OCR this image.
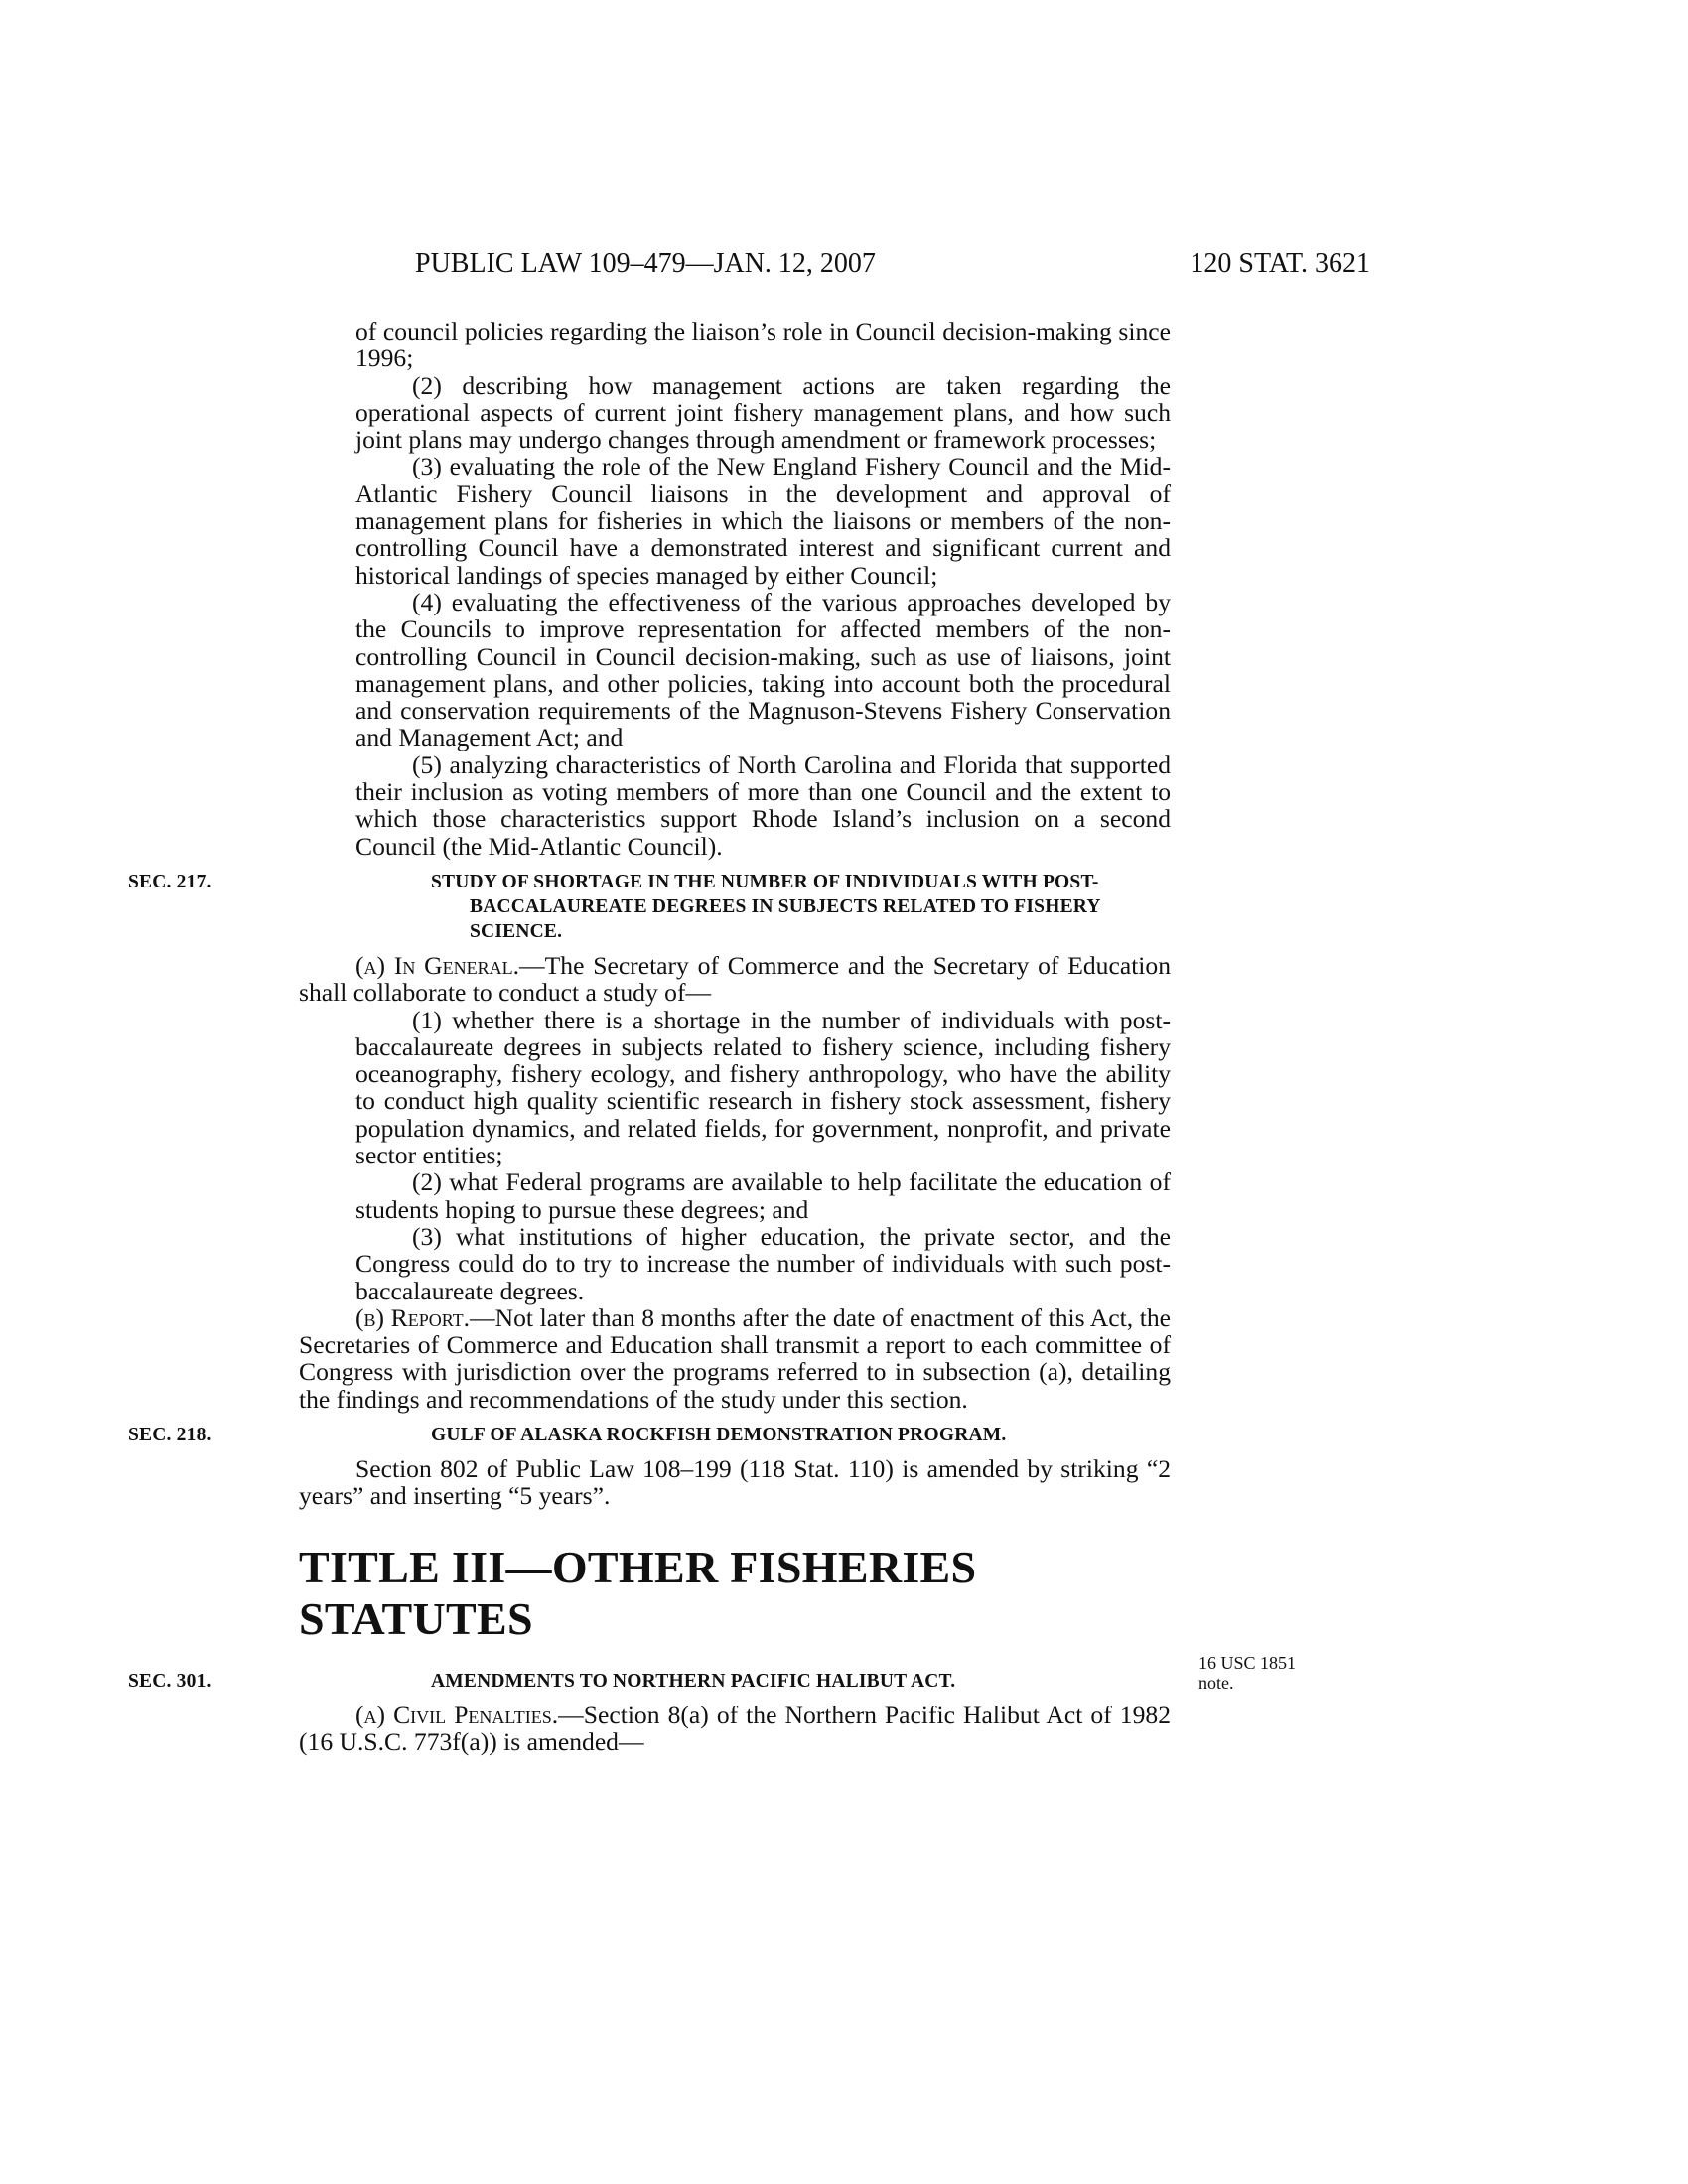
PUBLIC LAW 109–479—JAN. 12, 2007	120 STAT. 3621

of council policies regarding the liaison’s role in Council decision-making since 1996;

(2) describing how management actions are taken regarding the operational aspects of current joint fishery management plans, and how such joint plans may undergo changes through amendment or framework processes;

(3) evaluating the role of the New England Fishery Council and the Mid-Atlantic Fishery Council liaisons in the development and approval of management plans for fisheries in which the liaisons or members of the non-controlling Council have a demonstrated interest and significant current and historical landings of species managed by either Council;

(4) evaluating the effectiveness of the various approaches developed by the Councils to improve representation for affected members of the non-controlling Council in Council decision-making, such as use of liaisons, joint management plans, and other policies, taking into account both the procedural and conservation requirements of the Magnuson-Stevens Fishery Conservation and Management Act; and

(5) analyzing characteristics of North Carolina and Florida that supported their inclusion as voting members of more than one Council and the extent to which those characteristics support Rhode Island’s inclusion on a second Council (the Mid-Atlantic Council).

SEC. 217.	STUDY OF SHORTAGE IN THE NUMBER OF INDIVIDUALS WITH POST- BACCALAUREATE DEGREES IN SUBJECTS RELATED TO FISHERY SCIENCE.

(a) In General.—The Secretary of Commerce and the Secretary of Education shall collaborate to conduct a study of—

(1) whether there is a shortage in the number of individuals with post-baccalaureate degrees in subjects related to fishery science, including fishery oceanography, fishery ecology, and fishery anthropology, who have the ability to conduct high quality scientific research in fishery stock assessment, fishery population dynamics, and related fields, for government, nonprofit, and private sector entities;

(2) what Federal programs are available to help facilitate the education of students hoping to pursue these degrees; and

(3) what institutions of higher education, the private sector, and the Congress could do to try to increase the number of individuals with such post-baccalaureate degrees.

(b) Report.—Not later than 8 months after the date of enactment of this Act, the Secretaries of Commerce and Education shall transmit a report to each committee of Congress with jurisdiction over the programs referred to in subsection (a), detailing the findings and recommendations of the study under this section.

SEC. 218.	GULF OF ALASKA ROCKFISH DEMONSTRATION PROGRAM.

Section 802 of Public Law 108–199 (118 Stat. 110) is amended by striking “2 years” and inserting “5 years”.

TITLE III—OTHER FISHERIES STATUTES
SEC. 301.	AMENDMENTS TO NORTHERN PACIFIC HALIBUT ACT.

(a) Civil Penalties.—Section 8(a) of the Northern Pacific Halibut Act of 1982 (16 U.S.C. 773f(a)) is amended—

16 USC 1851
note.
